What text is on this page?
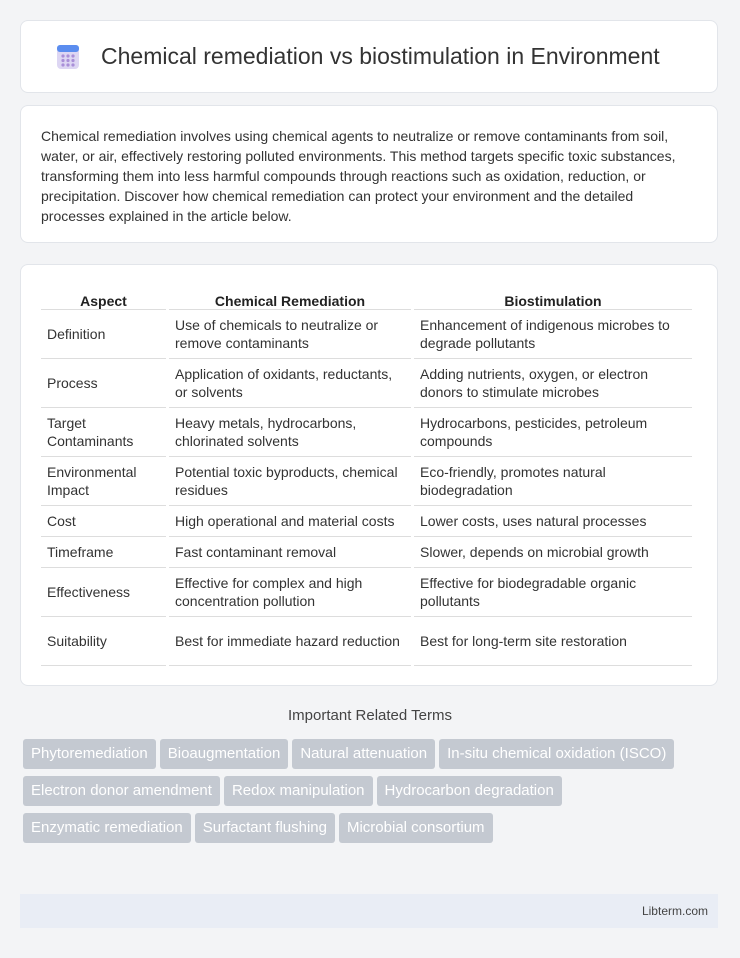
Chemical remediation vs biostimulation in Environment

Chemical remediation involves using chemical agents to neutralize or remove contaminants from soil, water, or air, effectively restoring polluted environments. This method targets specific toxic substances, transforming them into less harmful compounds through reactions such as oxidation, reduction, or precipitation. Discover how chemical remediation can protect your environment and the detailed processes explained in the article below.

Aspect	Chemical Remediation	Biostimulation
Definition	Use of chemicals to neutralize or remove contaminants	Enhancement of indigenous microbes to degrade pollutants
Process	Application of oxidants, reductants, or solvents	Adding nutrients, oxygen, or electron donors to stimulate microbes
Target Contaminants	Heavy metals, hydrocarbons, chlorinated solvents	Hydrocarbons, pesticides, petroleum compounds
Environmental Impact	Potential toxic byproducts, chemical residues	Eco-friendly, promotes natural biodegradation
Cost	High operational and material costs	Lower costs, uses natural processes
Timeframe	Fast contaminant removal	Slower, depends on microbial growth
Effectiveness	Effective for complex and high concentration pollution	Effective for biodegradable organic pollutants
Suitability	Best for immediate hazard reduction	Best for long-term site restoration
Important Related Terms
Phytoremediation Bioaugmentation Natural attenuation In-situ chemical oxidation (ISCO)Electron donor amendment Redox manipulation Hydrocarbon degradationEnzymatic remediation Surfactant flushing Microbial consortium
Libterm.com
